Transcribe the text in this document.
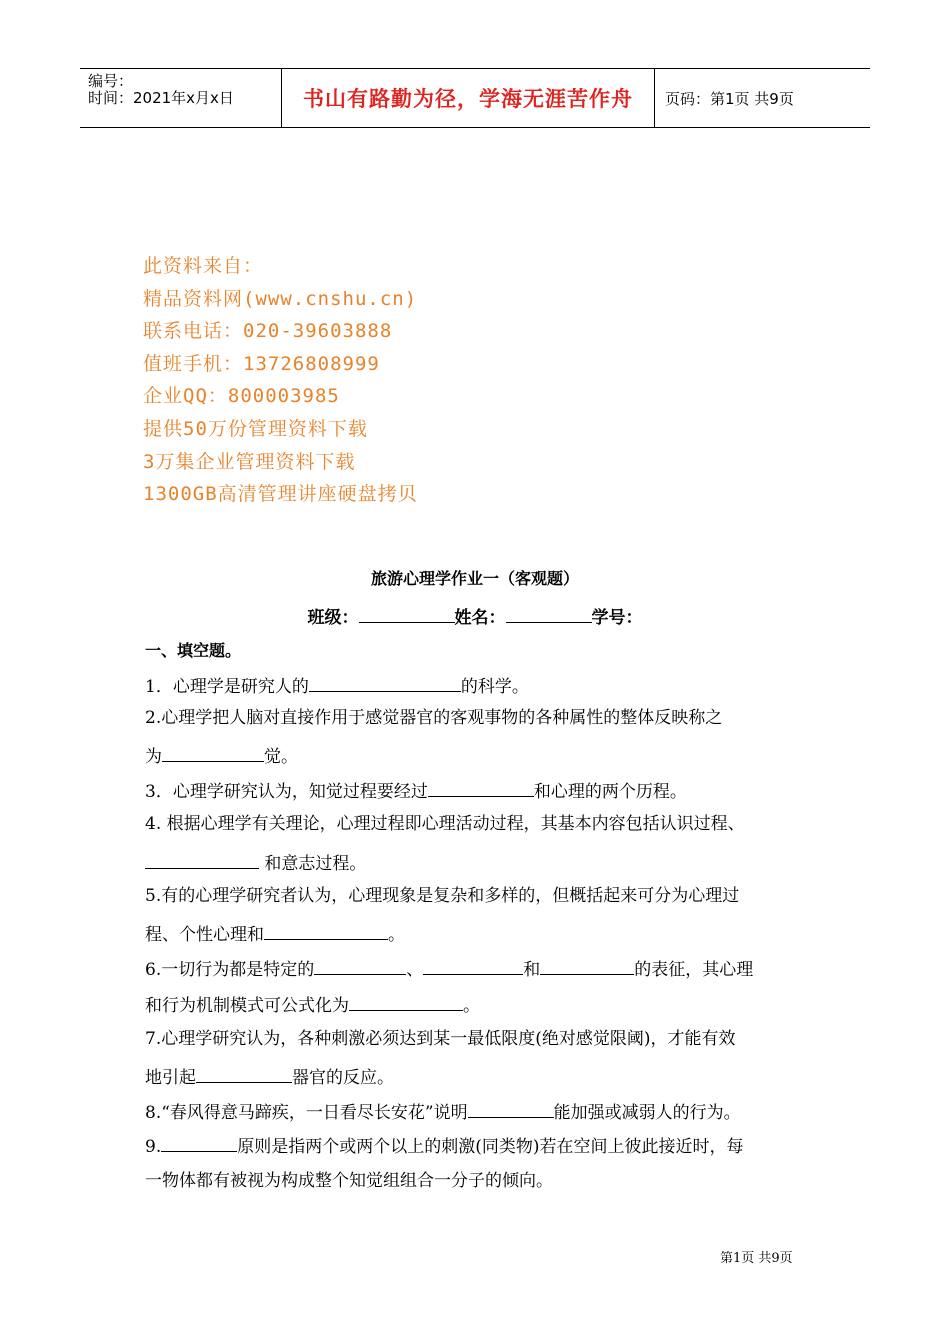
编号：
时间：2021年x月x日	书山有路勤为径，学海无涯苦作舟	页码：第1页 共9页
此资料来自：
精品资料网(www.cnshu.cn)
联系电话：020-39603888
值班手机：13726808999
企业QQ：800003985
提供50万份管理资料下载
3万集企业管理资料下载
1300GB高清管理讲座硬盘拷贝
旅游心理学作业一（客观题）
班级：	姓名：	学号：
一、填空题。
1．心理学是研究人的	的科学。
2.心理学把人脑对直接作用于感觉器官的客观事物的各种属性的整体反映称之
为	觉。
3．心理学研究认为，知觉过程要经过	和心理的两个历程。
4. 根据心理学有关理论，心理过程即心理活动过程，其基本内容包括认识过程、
和意志过程。
5.有的心理学研究者认为，心理现象是复杂和多样的，但概括起来可分为心理过
程、个性心理和	。
6.一切行为都是特定的	、	和	的表征，其心理
和行为机制模式可公式化为	。
7.心理学研究认为，各种刺激必须达到某一最低限度(绝对感觉限阈)，才能有效
地引起	器官的反应。
8.“春风得意马蹄疾，一日看尽长安花”说明	能加强或减弱人的行为。
9.	原则是指两个或两个以上的刺激(同类物)若在空间上彼此接近时，每
一物体都有被视为构成整个知觉组组合一分子的倾向。
第1页 共9页
